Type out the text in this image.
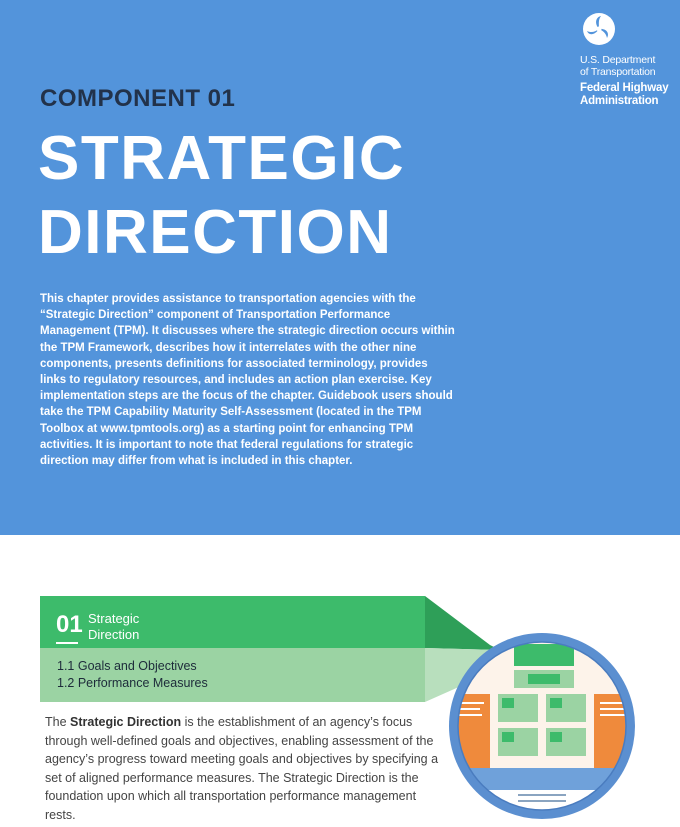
U.S. Department
of Transportation
Federal Highway
Administration
COMPONENT 01
STRATEGIC
DIRECTION
This chapter provides assistance to transportation agencies with the “Strategic Direction” component of Transportation Performance Management (TPM). It discusses where the strategic direction occurs within the TPM Framework, describes how it interrelates with the other nine components, presents definitions for associated terminology, provides links to regulatory resources, and includes an action plan exercise. Key implementation steps are the focus of the chapter. Guidebook users should take the TPM Capability Maturity Self-Assessment (located in the TPM Toolbox at www.tpmtools.org) as a starting point for enhancing TPM activities. It is important to note that federal regulations for strategic direction may differ from what is included in this chapter.
01 Strategic
Direction
1.1 Goals and Objectives
1.2 Performance Measures
The Strategic Direction is the establishment of an agency’s focus through well-defined goals and objectives, enabling assessment of the agency’s progress toward meeting goals and objectives by specifying a set of aligned performance measures. The Strategic Direction is the foundation upon which all transportation performance management rests.
